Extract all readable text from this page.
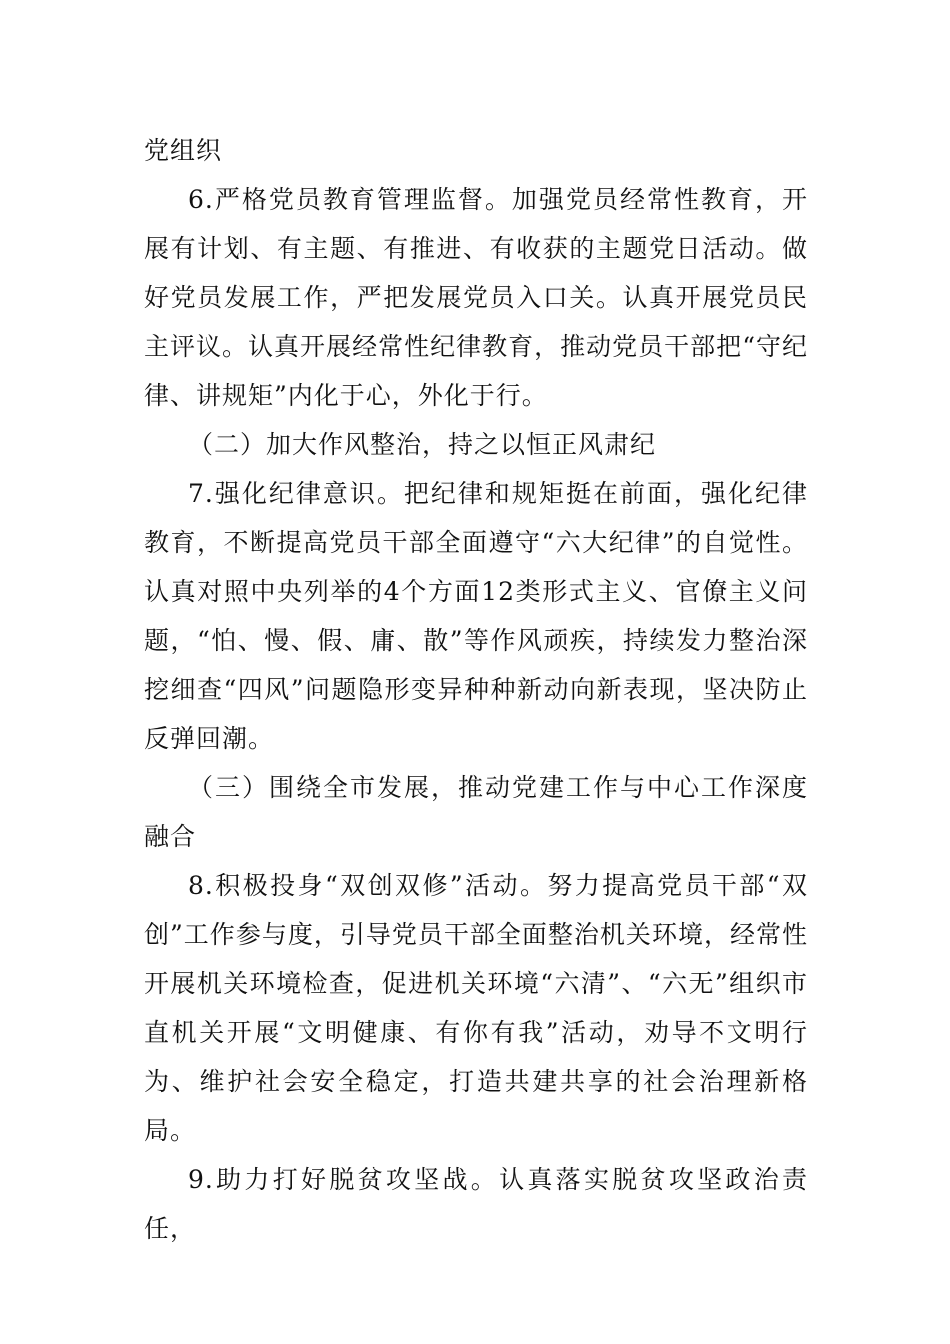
党组织

6.严格党员教育管理监督。加强党员经常性教育，开展有计划、有主题、有推进、有收获的主题党日活动。做好党员发展工作，严把发展党员入口关。认真开展党员民主评议。认真开展经常性纪律教育，推动党员干部把“守纪律、讲规矩”内化于心，外化于行。

（二）加大作风整治，持之以恒正风肃纪

7.强化纪律意识。把纪律和规矩挺在前面，强化纪律教育，不断提高党员干部全面遵守“六大纪律”的自觉性。认真对照中央列举的4个方面12类形式主义、官僚主义问题，“怕、慢、假、庸、散”等作风顽疾，持续发力整治深挖细查“四风”问题隐形变异种种新动向新表现，坚决防止反弹回潮。

（三）围绕全市发展，推动党建工作与中心工作深度融合

8.积极投身“双创双修”活动。努力提高党员干部“双创”工作参与度，引导党员干部全面整治机关环境，经常性开展机关环境检查，促进机关环境“六清”、“六无”组织市直机关开展“文明健康、有你有我”活动，劝导不文明行为、维护社会安全稳定，打造共建共享的社会治理新格局。

9.助力打好脱贫攻坚战。认真落实脱贫攻坚政治责任，
